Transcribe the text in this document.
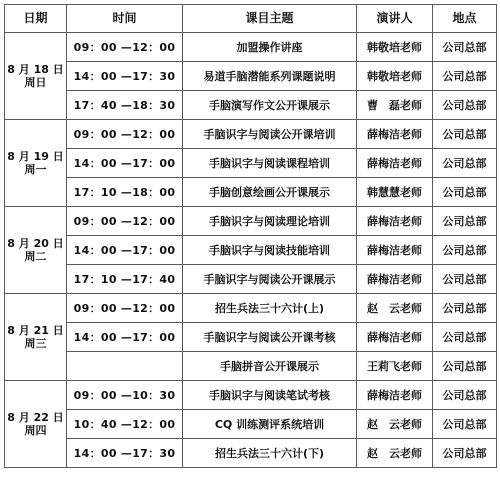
日期	时间	课目主题	演讲人	地点

8 月 18 日
周日	09：00 —12：00	加盟操作讲座	韩敬培老师	公司总部
	14：00 —17：30	易道手脑潜能系列课题说明	韩敬培老师	公司总部
	17：40 —18：30	手脑演写作文公开课展示	曹　磊老师	公司总部

8 月 19 日
周一	09：00 —12：00	手脑识字与阅读公开课培训	薛梅洁老师	公司总部
	14：00 —17：00	手脑识字与阅读课程培训	薛梅洁老师	公司总部
	17：10 —18：00	手脑创意绘画公开课展示	韩慧慧老师	公司总部

8 月 20 日
周二	09：00 —12：00	手脑识字与阅读理论培训	薛梅洁老师	公司总部
	14：00 —17：00	手脑识字与阅读技能培训	薛梅洁老师	公司总部
	17：10 —17：40	手脑识字与阅读公开课展示	薛梅洁老师	公司总部

8 月 21 日
周三	09：00 —12：00	招生兵法三十六计(上)	赵　云老师	公司总部
	14：00 —17：00	手脑识字与阅读公开课考核	薛梅洁老师	公司总部
		手脑拼音公开课展示	王莉飞老师	公司总部

8 月 22 日
周四	09：00 —10：30	手脑识字与阅读笔试考核	薛梅洁老师	公司总部
	10：40 —12：00	CQ 训练测评系统培训	赵　云老师	公司总部
	14：00 —17：30	招生兵法三十六计(下)	赵　云老师	公司总部
